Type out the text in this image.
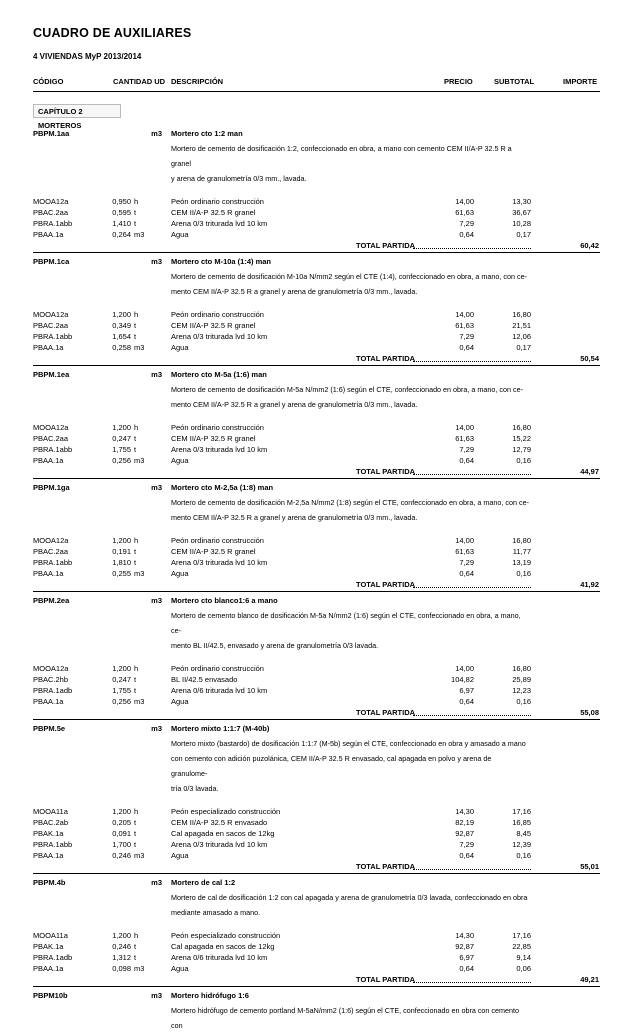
CUADRO DE AUXILIARES
4 VIVIENDAS MyP 2013/2014
CÓDIGO	CANTIDAD UD DESCRIPCIÓN	PRECIO	SUBTOTAL	IMPORTE
CAPÍTULO 2 MORTEROS
PBPM.1aa	m3 Mortero cto 1:2 man
Mortero de cemento de dosificación 1:2, confeccionado en obra, a mano con cemento CEM II/A-P 32.5 R a granel
y arena de granulometría 0/3 mm., lavada.
MOOA12a	0,950 h	Peón ordinario construcción	14,00	13,30
PBAC.2aa	0,595 t	CEM II/A-P 32.5 R granel	61,63	36,67
PBRA.1abb	1,410 t	Arena 0/3 triturada lvd 10 km	7,29	10,28
PBAA.1a	0,264 m3	Agua	0,64	0,17
TOTAL PARTIDA	60,42
PBPM.1ca	m3 Mortero cto M-10a (1:4) man
Mortero de cemento de dosificación M-10a N/mm2 según el CTE (1:4), confeccionado en obra, a mano, con ce-
mento CEM II/A-P 32.5 R a granel y arena de granulometría 0/3 mm., lavada.
MOOA12a	1,200 h	Peón ordinario construcción	14,00	16,80
PBAC.2aa	0,349 t	CEM II/A-P 32.5 R granel	61,63	21,51
PBRA.1abb	1,654 t	Arena 0/3 triturada lvd 10 km	7,29	12,06
PBAA.1a	0,258 m3	Agua	0,64	0,17
TOTAL PARTIDA	50,54
PBPM.1ea	m3 Mortero cto M-5a (1:6) man
Mortero de cemento de dosificación M-5a N/mm2 (1:6) según el CTE, confeccionado en obra, a mano, con ce-
mento CEM II/A-P 32.5 R a granel y arena de granulometría 0/3 mm., lavada.
MOOA12a	1,200 h	Peón ordinario construcción	14,00	16,80
PBAC.2aa	0,247 t	CEM II/A-P 32.5 R granel	61,63	15,22
PBRA.1abb	1,755 t	Arena 0/3 triturada lvd 10 km	7,29	12,79
PBAA.1a	0,256 m3	Agua	0,64	0,16
TOTAL PARTIDA	44,97
PBPM.1ga	m3 Mortero cto M-2,5a (1:8) man
Mortero de cemento de dosificación M-2,5a N/mm2 (1:8) según el CTE, confeccionado en obra, a mano, con ce-
mento CEM II/A-P 32.5 R a granel y arena de granulometría 0/3 mm., lavada.
MOOA12a	1,200 h	Peón ordinario construcción	14,00	16,80
PBAC.2aa	0,191 t	CEM II/A-P 32.5 R granel	61,63	11,77
PBRA.1abb	1,810 t	Arena 0/3 triturada lvd 10 km	7,29	13,19
PBAA.1a	0,255 m3	Agua	0,64	0,16
TOTAL PARTIDA	41,92
PBPM.2ea	m3 Mortero cto blanco1:6 a mano
Mortero de cemento blanco de dosificación M-5a N/mm2 (1:6) según el CTE, confeccionado en obra, a mano, ce-
mento BL II/42.5, envasado y arena de granulometría 0/3 lavada.
MOOA12a	1,200 h	Peón ordinario construcción	14,00	16,80
PBAC.2hb	0,247 t	BL II/42.5 envasado	104,82	25,89
PBRA.1adb	1,755 t	Arena 0/6 triturada lvd 10 km	6,97	12,23
PBAA.1a	0,256 m3	Agua	0,64	0,16
TOTAL PARTIDA	55,08
PBPM.5e	m3 Mortero mixto 1:1:7 (M-40b)
Mortero mixto (bastardo) de dosificación 1:1:7 (M-5b) según el CTE, confeccionado en obra y amasado a mano
con cemento con adición puzolánica, CEM II/A-P 32.5 R envasado, cal apagada en polvo y arena de granulome-
tría 0/3 lavada.
MOOA11a	1,200 h	Peón especializado construcción	14,30	17,16
PBAC.2ab	0,205 t	CEM II/A-P 32.5 R envasado	82,19	16,85
PBAK.1a	0,091 t	Cal apagada en sacos de 12kg	92,87	8,45
PBRA.1abb	1,700 t	Arena 0/3 triturada lvd 10 km	7,29	12,39
PBAA.1a	0,246 m3	Agua	0,64	0,16
TOTAL PARTIDA	55,01
PBPM.4b	m3 Mortero de cal 1:2
Mortero de cal de dosificación 1:2 con cal apagada y arena de granulometría 0/3 lavada, confeccionado en obra
mediante amasado a mano.
MOOA11a	1,200 h	Peón especializado construcción	14,30	17,16
PBAK.1a	0,246 t	Cal apagada en sacos de 12kg	92,87	22,85
PBRA.1adb	1,312 t	Arena 0/6 triturada lvd 10 km	6,97	9,14
PBAA.1a	0,098 m3	Agua	0,64	0,06
TOTAL PARTIDA	49,21
PBPM10b	m3 Mortero hidrófugo 1:6
Mortero hidrófugo de cemento portland M-5aN/mm2 (1:6) según el CTE, confeccionado en obra con cemento con
